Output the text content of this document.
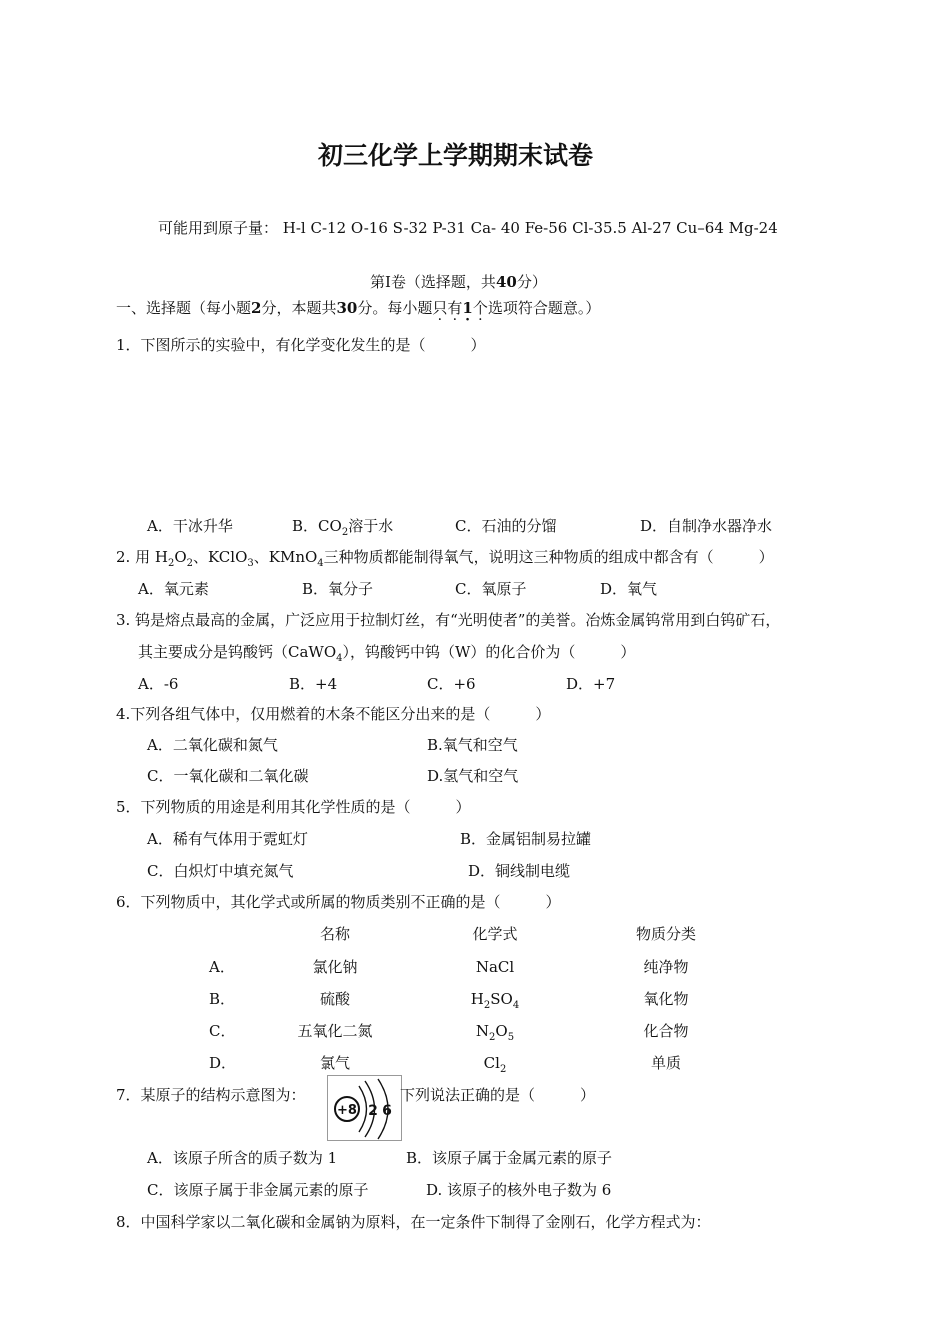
初三化学上学期期末试卷
可能用到原子量： H-l C-12 O-16 S-32 P-31 Ca- 40 Fe-56 Cl-35.5 Al-27 Cu–64 Mg-24
第Ⅰ卷（选择题，共40分）
一、选择题（每小题2分，本题共30分。每小题只有1 ·个选项符合题意。）
1．下图所示的实验中，有化学变化发生的是（　　　）
A．干冰升华	B．$CO_2$溶于水	C．石油的分馏	D．自制净水器净水
2. 用 $H_2O_2$、KClO$_3$、KMnO$_4$三种物质都能制得氧气，说明这三种物质的组成中都含有（　　　）
A．氧元素	B．氧分子	C．氧原子	D．氧气
3. 钨是熔点最高的金属，广泛应用于拉制灯丝，有“光明使者”的美誉。冶炼金属钨常用到白钨矿石，
其主要成分是钨酸钙（CaWO$_4$），钨酸钙中钨（W）的化合价为（　　　）
A．-6	B．+4	C．+6	D．+7
4.下列各组气体中，仅用燃着的木条不能区分出来的是（　　　）
A．二氧化碳和氮气	B.氧气和空气
C．一氧化碳和二氧化碳	D.氢气和空气
5．下列物质的用途是利用其化学性质的是（　　　）
A．稀有气体用于霓虹灯	B．金属铝制易拉罐
C．白炽灯中填充氮气	D．铜线制电缆
6．下列物质中，其化学式或所属的物质类别不正确的是（　　　）
名称	化学式	物质分类
A．	氯化钠	NaCl	纯净物
B．	硫酸	$H_2SO_4$	氧化物
C．	五氧化二氮	$N_2O_5$	化合物
D．	氯气	$Cl_2$	单质
7．某原子的结构示意图为：
+8 2 6
下列说法正确的是（　　　）
A．该原子所含的质子数为 1	B．该原子属于金属元素的原子
C．该原子属于非金属元素的原子	D. 该原子的核外电子数为 6
8．中国科学家以二氧化碳和金属钠为原料，在一定条件下制得了金刚石，化学方程式为：
